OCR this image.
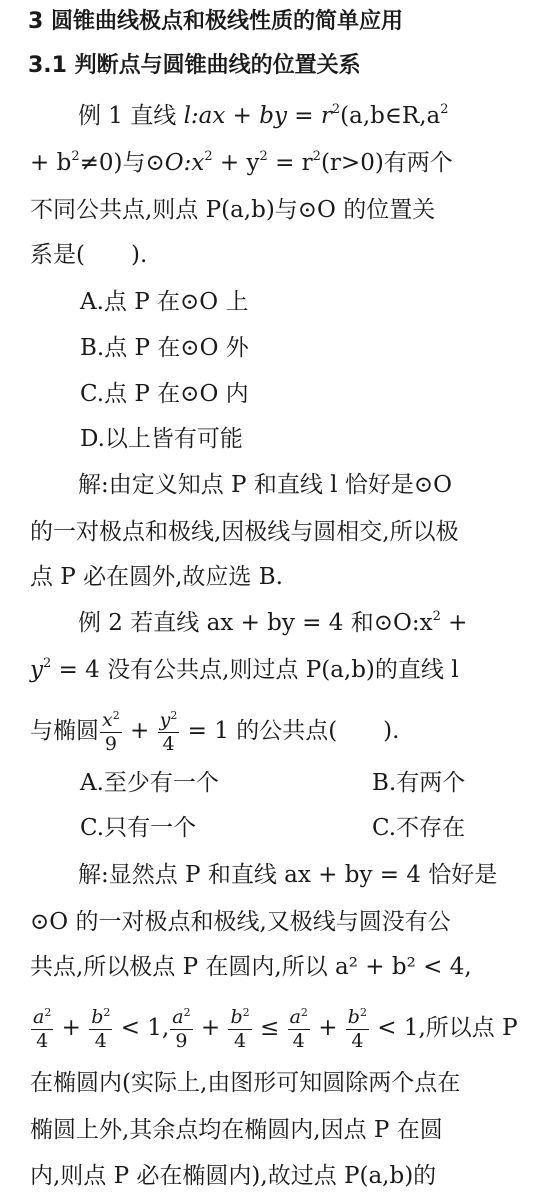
3 圆锥曲线极点和极线性质的简单应用
3.1 判断点与圆锥曲线的位置关系
例 1 直线 l:ax + by = $r^2(a,b\in R,a^2$
+ $b^2\ne 0$)与$⊙O:x^2 + y^2 = r^2(r>0)$有两个
不同公共点,则点 P(a,b)与⊙O 的位置关
系是(　　).
A.点 P 在⊙O 上
B.点 P 在⊙O 外
C.点 P 在⊙O 内
D.以上皆有可能
解:由定义知点 P 和直线 l 恰好是⊙O
的一对极点和极线,因极线与圆相交,所以极
点 P 必在圆外,故应选 B.
例 2 若直线 ax + by = 4 和$⊙O:x^2$ +
$y^2 = 4$ 没有公共点,则过点 P(a,b)的直线 l
与椭圆 $\frac{x^2}{9} + \frac{y^2}{4} = 1$ 的公共点(　　).
A.至少有一个	B.有两个
C.只有一个	C.不存在
解:显然点 P 和直线 ax + by = 4 恰好是
⊙O 的一对极点和极线,又极线与圆没有公
共点,所以极点 P 在圆内,所以 a² + b² < 4,
$\frac{a^2}{4} + \frac{b^2}{4} < 1$, $\frac{a^2}{9} + \frac{b^2}{4} \le \frac{a^2}{4} + \frac{b^2}{4} < 1$,所以点 P
在椭圆内(实际上,由图形可知圆除两个点在
椭圆上外,其余点均在椭圆内,因点 P 在圆
内,则点 P 必在椭圆内),故过点 P(a,b)的
